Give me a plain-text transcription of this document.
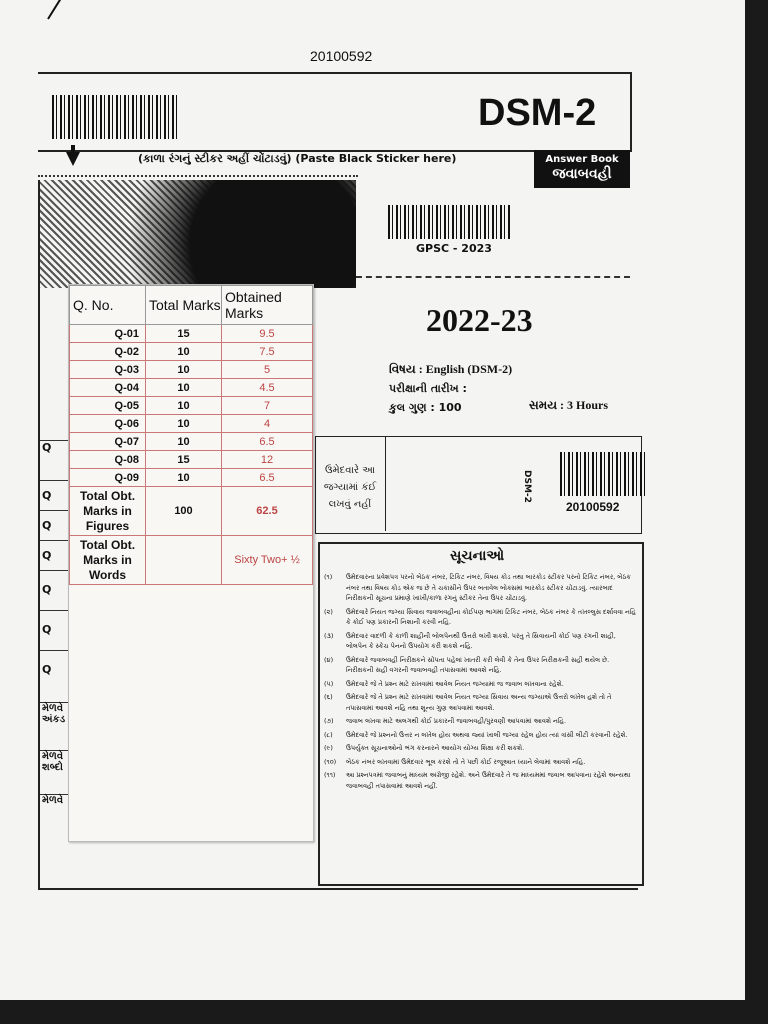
20100592
DSM-2
(કાળા રંગનું સ્ટીકર અહીં ચોંટાડવું) (Paste Black Sticker here)	Answer Book
જવાબવહી
GPSC - 2023
2022-23
વિષય : English (DSM-2)
પરીક્ષાની તારીખ :
કુલ ગુણ : 100	સમય : 3 Hours
ઉમેદવારે આ જગ્યામાં કંઈ લખવું નહીં
DSM-2
20100592
સૂચનાઓ
(૧)	ઉમેદવારના પ્રવેશપત્ર પરનો બેઠક નંબર, ટિકિટ નંબર, વિષય કોડ તથા બારકોડ સ્ટીકર પરનો ટિકિટ નંબર, બેઠક નંબર તથા વિષય કોડ એક જ છે તે ચકાસીને ઉપર બતાવેલ બોક્સમાં બારકોડ સ્ટીકર ચોંટાડવું. ત્યારબાદ નિરીક્ષકની સૂચના પ્રમાણે ખાખી/કાળા રંગનું સ્ટીકર તેના ઉપર ચોંટાડવું.
(૨)	ઉમેદવારે નિયત જગ્યા સિવાય જવાબવહીના કોઈપણ ભાગમાં ટિકિટ નંબર, બેઠક નંબર કે તખલ્લુસ દર્શાવવા નહિ કે કોઈ પણ પ્રકારની નિશાની કરવી નહિ.
(૩)	ઉમેદવાર વાદળી કે કાળી શાહીની બોલપેનથી ઉત્તરો લખી શકશે. પરંતુ તે સિવાયની કોઈ પણ રંગની શાહી, બોલપેન કે સ્કેચ પેનનો ઉપયોગ કરી શકશે નહિ.
(૪)	ઉમેદવારે જવાબવહી નિરીક્ષકને સોંપતા પહેલાં ખાતરી કરી લેવી કે તેના ઉપર નિરીક્ષકની સહી થયેલ છે. નિરીક્ષકની સહી વગરની જવાબવહી તપાસવામાં આવશે નહિ.
(૫)	ઉમેદવારે જે તે પ્રશ્ન માટે રાખવામાં આવેલ નિયત જગ્યામાં જ જવાબ લખવાના રહેશે.
(૬)	ઉમેદવારે જે તે પ્રશ્ન માટે રાખવામાં આવેલ નિયત જગ્યા સિવાય અન્ય જગ્યાએ ઉત્તરો લખેલ હશે તો તે તપાસવામાં આવશે નહિ તથા શૂન્ય ગુણ આપવામાં આવશે.
(૭)	જવાબ લખવા માટે અલગથી કોઈ પ્રકારની જવાબવહી/પુરવણી આપવામાં આવશે નહિ.
(૮)	ઉમેદવારે જે પ્રશ્નનો ઉત્તર ન લખેલ હોય અથવા જ્યાં ખાલી જગ્યા રહેલ હોય ત્યાં ત્રાંસી લીટી કરવાની રહેશે.
(૯)	ઉપર્યુક્ત સૂચનાઓનો ભંગ કરનારને આયોગ યોગ્ય શિક્ષા કરી શકશે.
(૧૦)	બેઠક નંબર લખવામાં ઉમેદવાર ભૂલ કરશે તો તે પછી કોઈ રજૂઆત ધ્યાને લેવામાં આવશે નહિ.
(૧૧)	આ પ્રશ્નપત્રમાં જવાબનું માધ્યમ અંગ્રેજી રહેશે. અને ઉમેદવારે તે જ માધ્યમમાં જવાબ આપવાના રહેશે અન્યથા જવાબવહી તપાસવામાં આવશે નહીં.
Q
Q
Q
Q
Q
Q
Q
મેળવે અંકડ
મેળવે શબ્દો
મેળવે
Q. No.	Total Marks	Obtained Marks
Q-01	15	9.5
Q-02	10	7.5
Q-03	10	5
Q-04	10	4.5
Q-05	10	7
Q-06	10	4
Q-07	10	6.5
Q-08	15	12
Q-09	10	6.5
Total Obt. Marks in Figures	100	62.5
Total Obt. Marks in Words		Sixty Two+ ½
